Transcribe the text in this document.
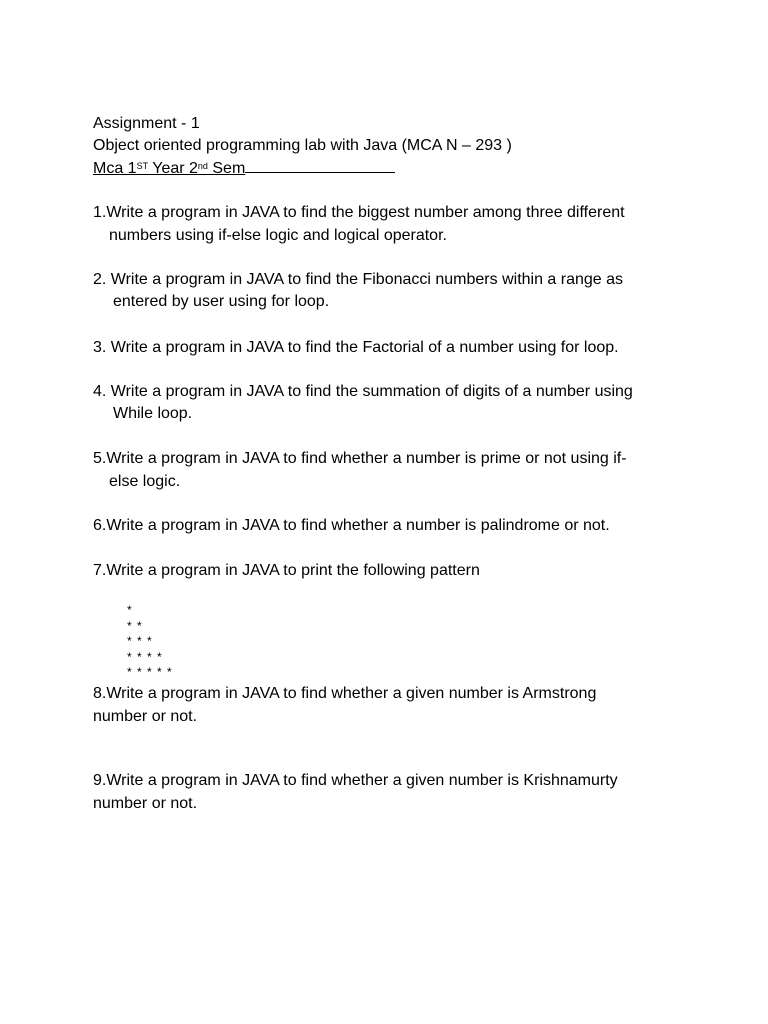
Assignment - 1
Object oriented programming lab with Java (MCA N – 293 )
Mca 1ST Year 2nd Sem
1.Write a program in JAVA to find the biggest number among three different
numbers using if-else logic and logical operator.
2. Write a program in JAVA to find the Fibonacci numbers within a range as
entered by user using for loop.
3. Write a program in JAVA to find the Factorial of a number using for loop.
4. Write a program in JAVA to find the summation of digits of a number using
While loop.
5.Write a program in JAVA to find whether a number is prime or not using if-
else logic.
6.Write a program in JAVA to find whether a number is palindrome or not.
7.Write a program in JAVA to print the following pattern
*
* *
* * *
* * * *
* * * * *
8.Write a program in JAVA to find whether a given number is Armstrong
number or not.
9.Write a program in JAVA to find whether a given number is Krishnamurty
number or not.
